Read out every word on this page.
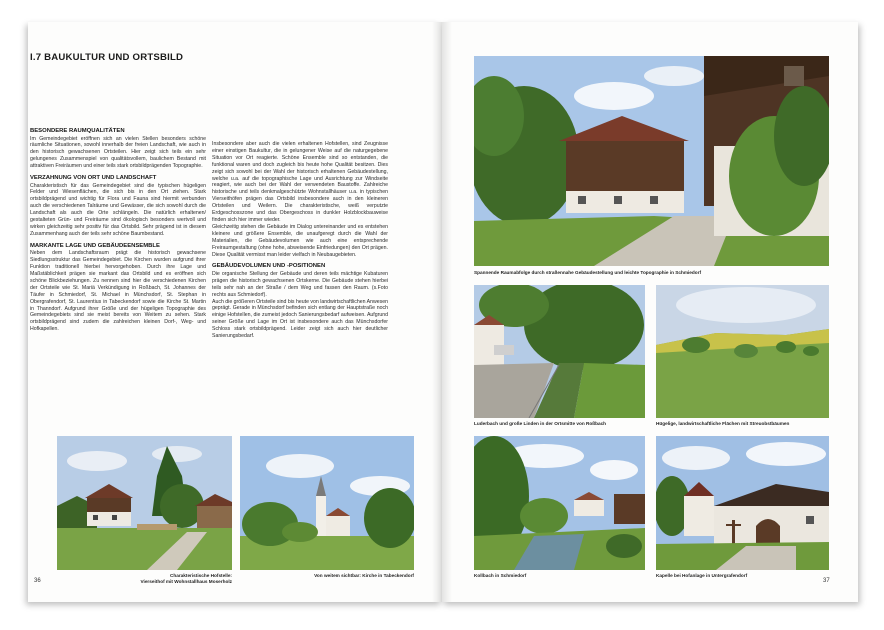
I.7 BAUKULTUR UND ORTSBILD
BESONDERE RAUMQUALITÄTEN

Im Gemeindegebiet eröffnen sich an vielen Stellen besonders schöne räumliche Situationen, sowohl innerhalb der freien Landschaft, wie auch in den historisch gewachsenen Ortsteilen. Hier zeigt sich teils ein sehr gelungenes Zusammenspiel von qualitätsvollem, baulichem Bestand mit attraktiven Freiräumen und einer teils stark ortsbildprägenden Topographie.

VERZAHNUNG VON ORT UND LANDSCHAFT

Charakteristisch für das Gemeindegebiet sind die typischen hügeligen Felder und Wiesenflächen, die sich bis in den Ort ziehen. Stark ortsbildprägend und wichtig für Flora und Fauna sind hiermit verbunden auch die verschiedenen Talräume und Gewässer, die sich sowohl durch die Landschaft als auch die Orte schlängeln. Die natürlich erhaltenen/ gestalteten Grün- und Freiräume sind ökologisch besonders wertvoll und wirken gleichzeitig sehr positiv für das Ortsbild. Sehr prägend ist in diesem Zusammenhang auch der teils sehr schöne Baumbestand.

MARKANTE LAGE UND GEBÄUDEENSEMBLE

Neben dem Landschaftsraum prägt die historisch gewachsene Siedlungsstruktur das Gemeindegebiet. Die Kirchen wurden aufgrund ihrer Funktion traditionell hierbei hervorgehoben. Durch ihre Lage und Maßstäblichkeit prägen sie markant das Ortsbild und es eröffnen sich schöne Blickbeziehungen. Zu nennen sind hier die verschiedenen Kirchen der Ortsteile wie St. Mariä Verkündigung in Roßbach, St. Johannes der Täufer in Schmiedorf, St. Michael in Münchsdorf, St. Stephan in Obergrafendorf, St. Laurentius in Tabeckendorf sowie die Kirche St. Martin in Thanndorf. Aufgrund ihrer Größe und der hügeligen Topographie des Gemeindegebiets sind sie meist bereits von Weitem zu sehen. Stark ortsbildprägend sind zudem die zahlreichen kleinen Dorf-, Weg- und Hofkapellen.

Insbesondere aber auch die vielen erhaltenen Hofstellen, sind Zeugnisse einer einstigen Baukultur, die in gelungener Weise auf die naturgegebene Situation vor Ort reagierte. Schöne Ensemble sind so entstanden, die funktional waren und doch zugleich bis heute hohe Qualität besitzen. Dies zeigt sich sowohl bei der Wahl der historisch erhaltenen Gebäudestellung, welche u.a. auf die topographische Lage und Ausrichtung zur Windseite reagiert, wie auch bei der Wahl der verwendeten Baustoffe. Zahlreiche historische und teils denkmalgeschützte Wohnstallhäuser u.a. in typischen Vierseithöfen prägen das Ortsbild insbesondere auch in den kleineren Ortsteilen und Weilern. Die charakteristische, weiß verputzte Erdgeschosszone und das Obergeschoss in dunkler Holzblockbauweise finden sich hier immer wieder.

Gleichzeitig stehen die Gebäude im Dialog untereinander und es entstehen kleinere und größere Ensemble, die unaufgeregt durch die Wahl der Materialien, die Gebäudevolumen wie auch eine entsprechende Freiraumgestaltung (ohne hohe, abweisende Einfriedungen) den Ort prägen. Diese Qualität vermisst man leider vielfach in Neubaugebieten.

GEBÄUDEVOLUMEN UND -POSITIONEN

Die organische Stellung der Gebäude und deren teils mächtige Kubaturen prägen die historisch gewachsenen Ortskerne. Die Gebäude stehen hierbei teils sehr nah an der Straße / dem Weg und fassen den Raum. (s.Foto rechts aus Schmiedorf).

Auch die größeren Ortsteile sind bis heute von landwirtschaftlichen Anwesen geprägt. Gerade in Münchsdorf befinden sich entlang der Hauptstraße noch einige Hofstellen, die zumeist jedoch Sanierungsbedarf aufweisen. Aufgrund seiner Größe und Lage im Ort ist insbesondere auch das Münchsdorfer Schloss stark ortsbildprägend. Leider zeigt sich auch hier deutlicher Sanierungsbedarf.

Charakteristische Hofstelle:
Vierseithof mit Wohnstallhaus Moserholz
Von weitem sichtbar: Kirche in Tabeckendorf
36
Spannende Raumabfolge durch straßennahe Gebäudestellung und leichte Topographie in Schmiedorf
Luderbach und große Linden in der Ortsmitte von Roßbach	Hügelige, landwirtschaftliche Flächen mit Streuobstbäumen
Kollbach in Schmiedorf	Kapelle bei Hofanlage in Untergrafendorf
37
